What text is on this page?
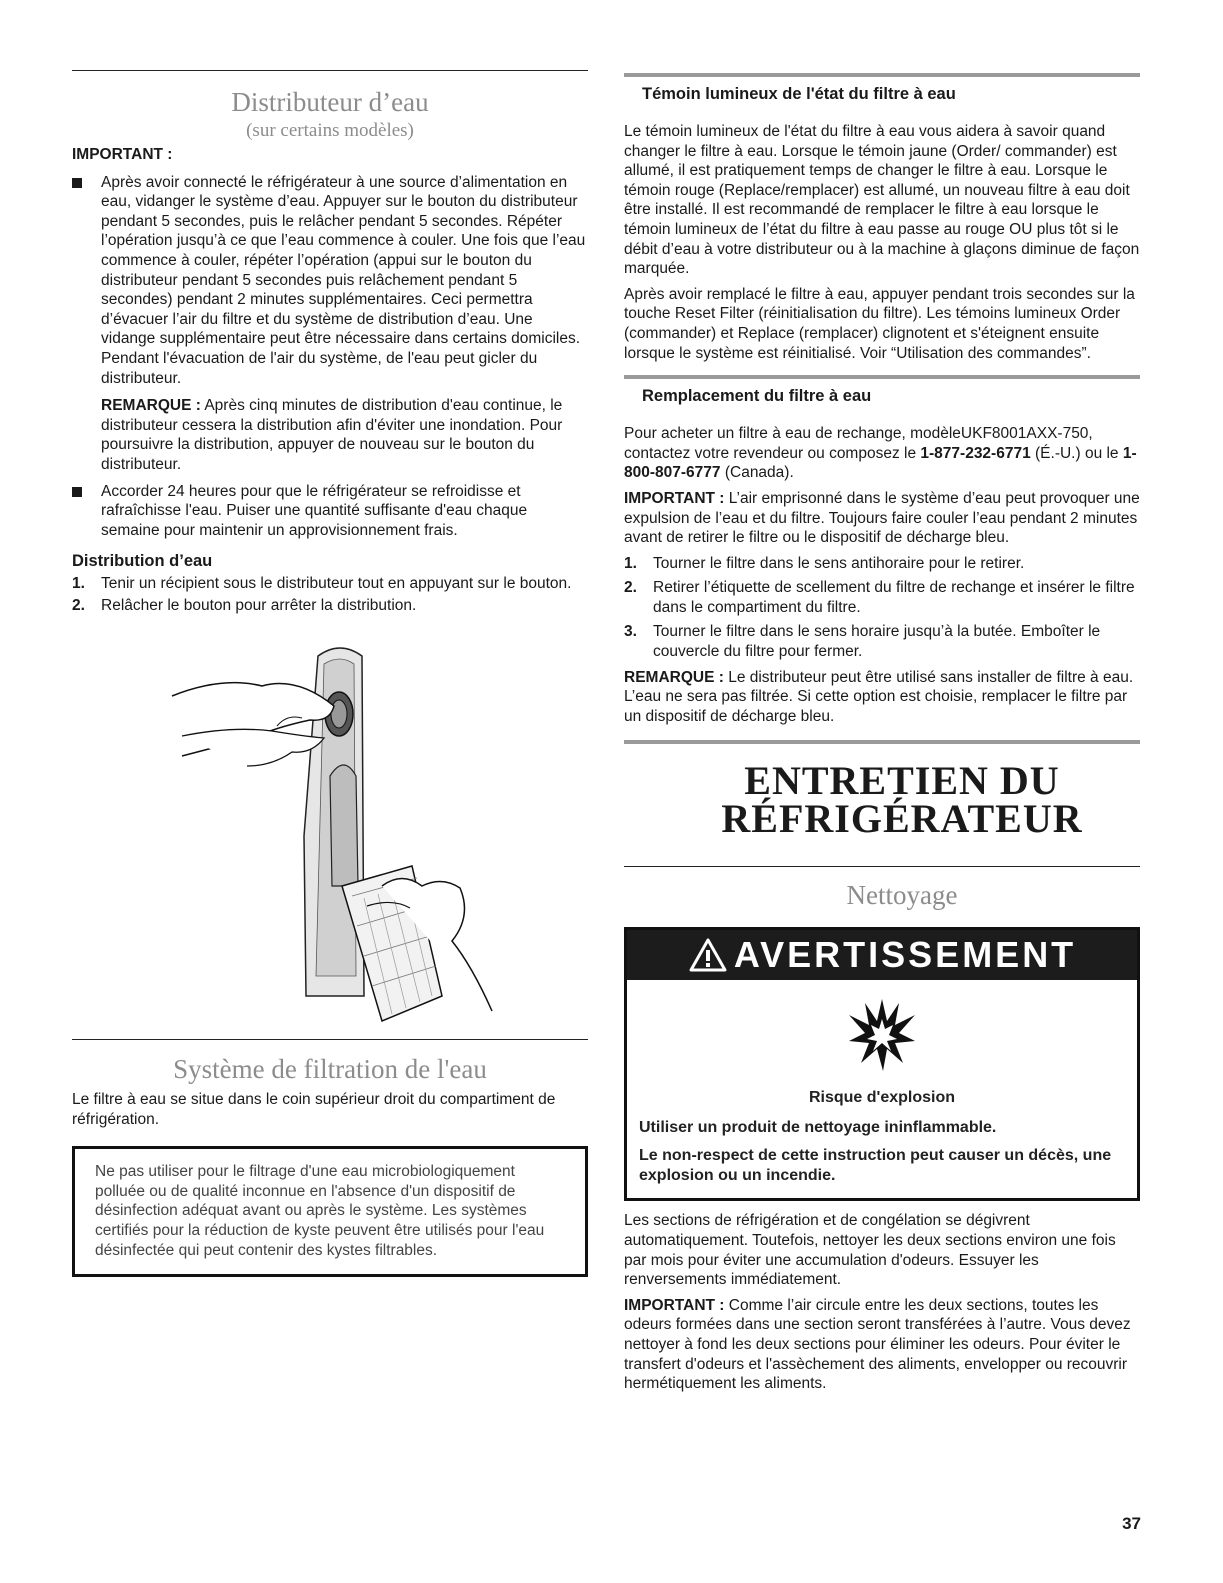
Distributeur d’eau
(sur certains modèles)

IMPORTANT :

Après avoir connecté le réfrigérateur à une source d’alimentation en eau, vidanger le système d’eau. Appuyer sur le bouton du distributeur pendant 5 secondes, puis le relâcher pendant 5 secondes. Répéter l’opération jusqu’à ce que l’eau commence à couler. Une fois que l’eau commence à couler, répéter l’opération (appui sur le bouton du distributeur pendant 5 secondes puis relâchement pendant 5 secondes) pendant 2 minutes supplémentaires. Ceci permettra d’évacuer l’air du filtre et du système de distribution d’eau. Une vidange supplémentaire peut être nécessaire dans certains domiciles. Pendant l'évacuation de l'air du système, de l'eau peut gicler du distributeur.

REMARQUE : Après cinq minutes de distribution d'eau continue, le distributeur cessera la distribution afin d'éviter une inondation. Pour poursuivre la distribution, appuyer de nouveau sur le bouton du distributeur.

Accorder 24 heures pour que le réfrigérateur se refroidisse et rafraîchisse l'eau. Puiser une quantité suffisante d'eau chaque semaine pour maintenir un approvisionnement frais.

Distribution d’eau

1. Tenir un récipient sous le distributeur tout en appuyant sur le bouton.
2. Relâcher le bouton pour arrêter la distribution.
Système de filtration de l'eau

Le filtre à eau se situe dans le coin supérieur droit du compartiment de réfrigération.

Ne pas utiliser pour le filtrage d'une eau microbiologiquement polluée ou de qualité inconnue en l'absence d'un dispositif de désinfection adéquat avant ou après le système. Les systèmes certifiés pour la réduction de kyste peuvent être utilisés pour l'eau désinfectée qui peut contenir des kystes filtrables.

Témoin lumineux de l'état du filtre à eau

Le témoin lumineux de l'état du filtre à eau vous aidera à savoir quand changer le filtre à eau. Lorsque le témoin jaune (Order/ commander) est allumé, il est pratiquement temps de changer le filtre à eau. Lorsque le témoin rouge (Replace/remplacer) est allumé, un nouveau filtre à eau doit être installé. Il est recommandé de remplacer le filtre à eau lorsque le témoin lumineux de l’état du filtre à eau passe au rouge OU plus tôt si le débit d’eau à votre distributeur ou à la machine à glaçons diminue de façon marquée.

Après avoir remplacé le filtre à eau, appuyer pendant trois secondes sur la touche Reset Filter (réinitialisation du filtre). Les témoins lumineux Order (commander) et Replace (remplacer) clignotent et s'éteignent ensuite lorsque le système est réinitialisé. Voir “Utilisation des commandes”.

Remplacement du filtre à eau

Pour acheter un filtre à eau de rechange, modèleUKF8001AXX-750, contactez votre revendeur ou composez le 1-877-232-6771 (É.-U.) ou le 1-800-807-6777 (Canada).

IMPORTANT : L’air emprisonné dans le système d’eau peut provoquer une expulsion de l’eau et du filtre. Toujours faire couler l’eau pendant 2 minutes avant de retirer le filtre ou le dispositif de décharge bleu.

1. Tourner le filtre dans le sens antihoraire pour le retirer.
2. Retirer l’étiquette de scellement du filtre de rechange et insérer le filtre dans le compartiment du filtre.
3. Tourner le filtre dans le sens horaire jusqu’à la butée. Emboîter le couvercle du filtre pour fermer.

REMARQUE : Le distributeur peut être utilisé sans installer de filtre à eau. L’eau ne sera pas filtrée. Si cette option est choisie, remplacer le filtre par un dispositif de décharge bleu.

ENTRETIEN DU
RÉFRIGÉRATEUR
Nettoyage
AVERTISSEMENT

Risque d'explosion

Utiliser un produit de nettoyage ininflammable.

Le non-respect de cette instruction peut causer un décès, une explosion ou un incendie.

Les sections de réfrigération et de congélation se dégivrent automatiquement. Toutefois, nettoyer les deux sections environ une fois par mois pour éviter une accumulation d'odeurs. Essuyer les renversements immédiatement.

IMPORTANT : Comme l’air circule entre les deux sections, toutes les odeurs formées dans une section seront transférées à l’autre. Vous devez nettoyer à fond les deux sections pour éliminer les odeurs. Pour éviter le transfert d'odeurs et l'assèchement des aliments, envelopper ou recouvrir hermétiquement les aliments.

37
